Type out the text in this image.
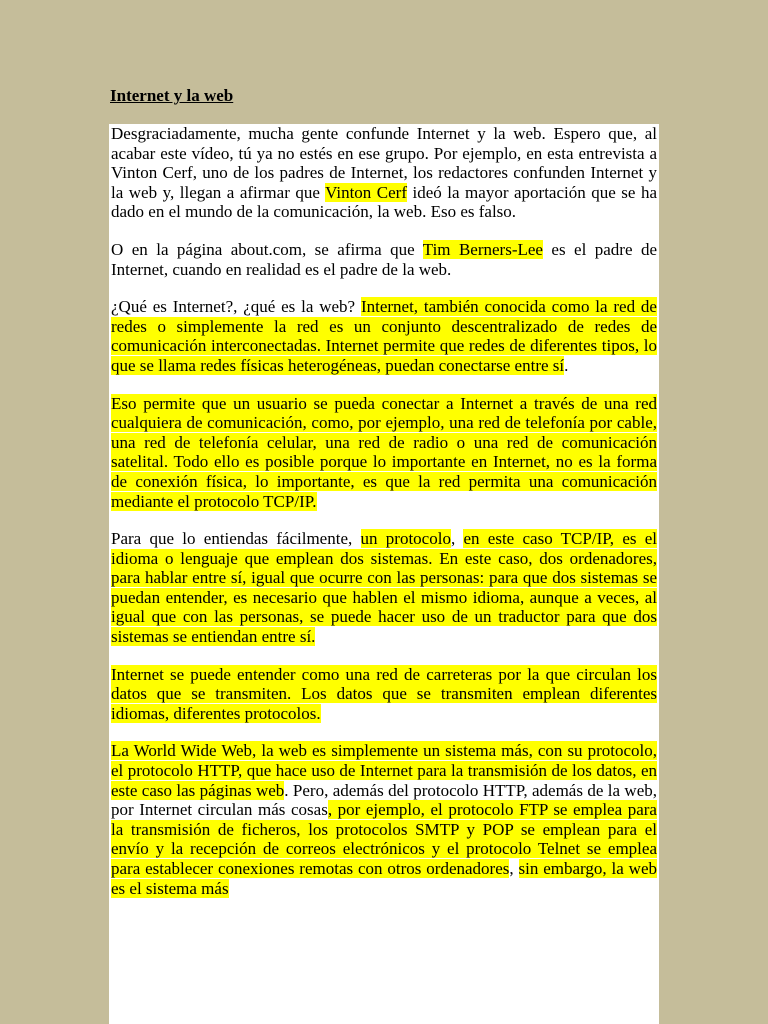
Internet y la web

Desgraciadamente, mucha gente confunde Internet y la web. Espero que, al acabar este vídeo, tú ya no estés en ese grupo. Por ejemplo, en esta entrevista a Vinton Cerf, uno de los padres de Internet, los redactores confunden Internet y la web y, llegan a afirmar que Vinton Cerf ideó la mayor aportación que se ha dado en el mundo de la comunicación, la web. Eso es falso.

O en la página about.com, se afirma que Tim Berners-Lee es el padre de Internet, cuando en realidad es el padre de la web.

¿Qué es Internet?, ¿qué es la web? Internet, también conocida como la red de redes o simplemente la red es un conjunto descentralizado de redes de comunicación interconectadas. Internet permite que redes de diferentes tipos, lo que se llama redes físicas heterogéneas, puedan conectarse entre sí.

Eso permite que un usuario se pueda conectar a Internet a través de una red cualquiera de comunicación, como, por ejemplo, una red de telefonía por cable, una red de telefonía celular, una red de radio o una red de comunicación satelital. Todo ello es posible porque lo importante en Internet, no es la forma de conexión física, lo importante, es que la red permita una comunicación mediante el protocolo TCP/IP.

Para que lo entiendas fácilmente, un protocolo, en este caso TCP/IP, es el idioma o lenguaje que emplean dos sistemas. En este caso, dos ordenadores, para hablar entre sí, igual que ocurre con las personas: para que dos sistemas se puedan entender, es necesario que hablen el mismo idioma, aunque a veces, al igual que con las personas, se puede hacer uso de un traductor para que dos sistemas se entiendan entre sí.

Internet se puede entender como una red de carreteras por la que circulan los datos que se transmiten. Los datos que se transmiten emplean diferentes idiomas, diferentes protocolos.

La World Wide Web, la web es simplemente un sistema más, con su protocolo, el protocolo HTTP, que hace uso de Internet para la transmisión de los datos, en este caso las páginas web. Pero, además del protocolo HTTP, además de la web, por Internet circulan más cosas, por ejemplo, el protocolo FTP se emplea para la transmisión de ficheros, los protocolos SMTP y POP se emplean para el envío y la recepción de correos electrónicos y el protocolo Telnet se emplea para establecer conexiones remotas con otros ordenadores, sin embargo, la web es el sistema más
